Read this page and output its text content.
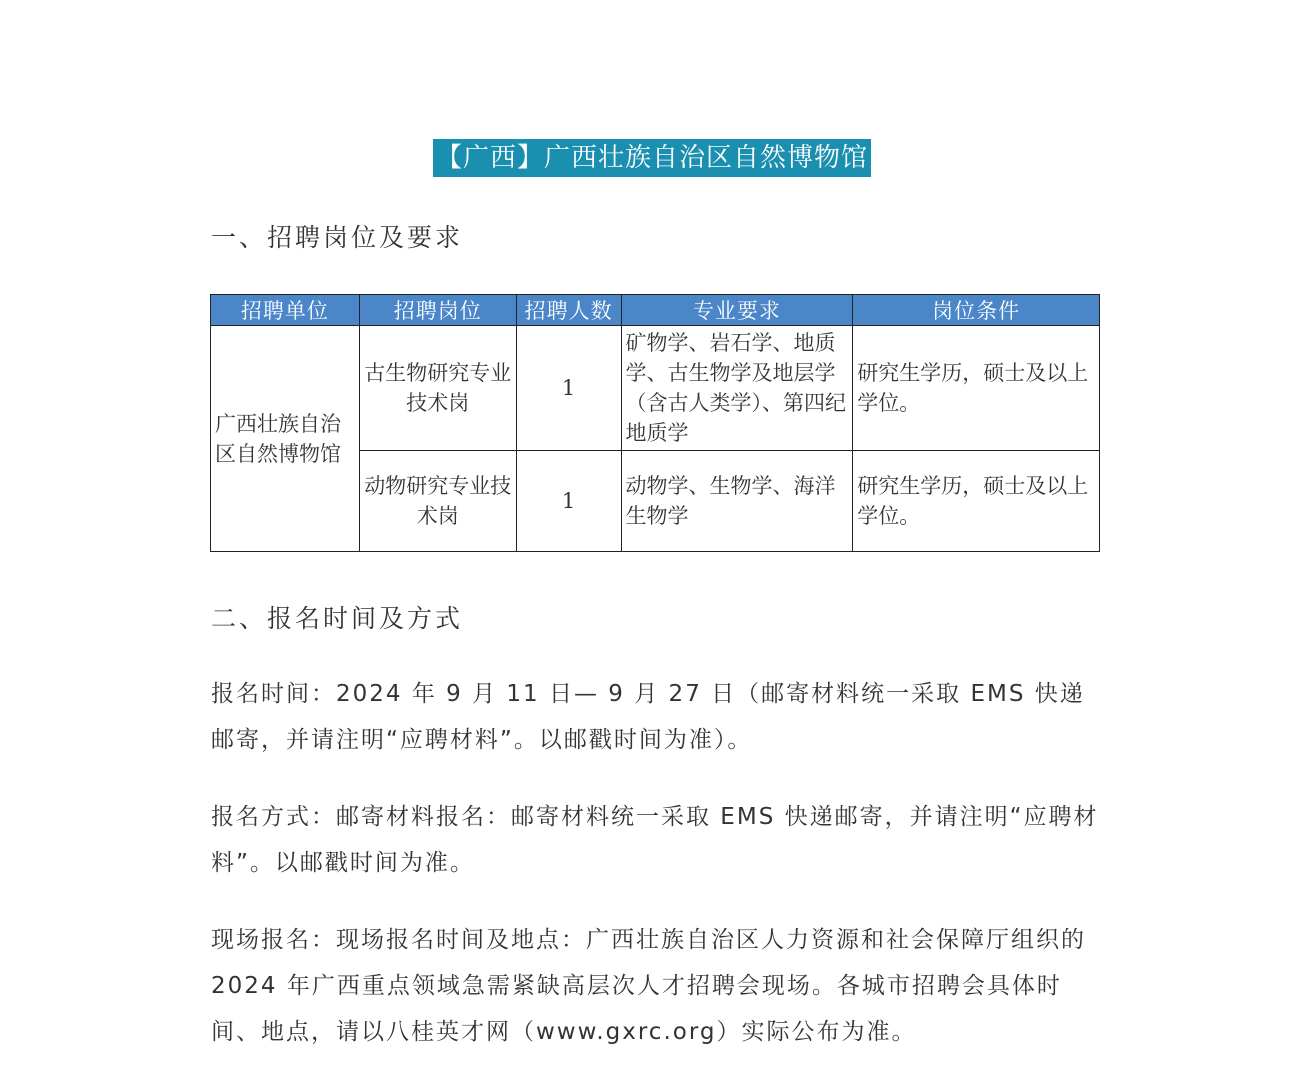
【广西】广西壮族自治区自然博物馆
一、招聘岗位及要求
招聘单位	招聘岗位	招聘人数	专业要求	岗位条件
广西壮族自治区自然博物馆	古生物研究专业技术岗	1	矿物学、岩石学、地质学、古生物学及地层学（含古人类学）、第四纪地质学	研究生学历，硕士及以上学位。
	动物研究专业技术岗	1	动物学、生物学、海洋生物学	研究生学历，硕士及以上学位。
二、报名时间及方式
报名时间：2024 年 9 月 11 日— 9 月 27 日（邮寄材料统一采取 EMS 快递邮寄，并请注明“应聘材料”。以邮戳时间为准）。
报名方式：邮寄材料报名：邮寄材料统一采取 EMS 快递邮寄，并请注明“应聘材料”。以邮戳时间为准。
现场报名：现场报名时间及地点：广西壮族自治区人力资源和社会保障厅组织的 2024 年广西重点领域急需紧缺高层次人才招聘会现场。各城市招聘会具体时间、地点，请以八桂英才网（www.gxrc.org）实际公布为准。
